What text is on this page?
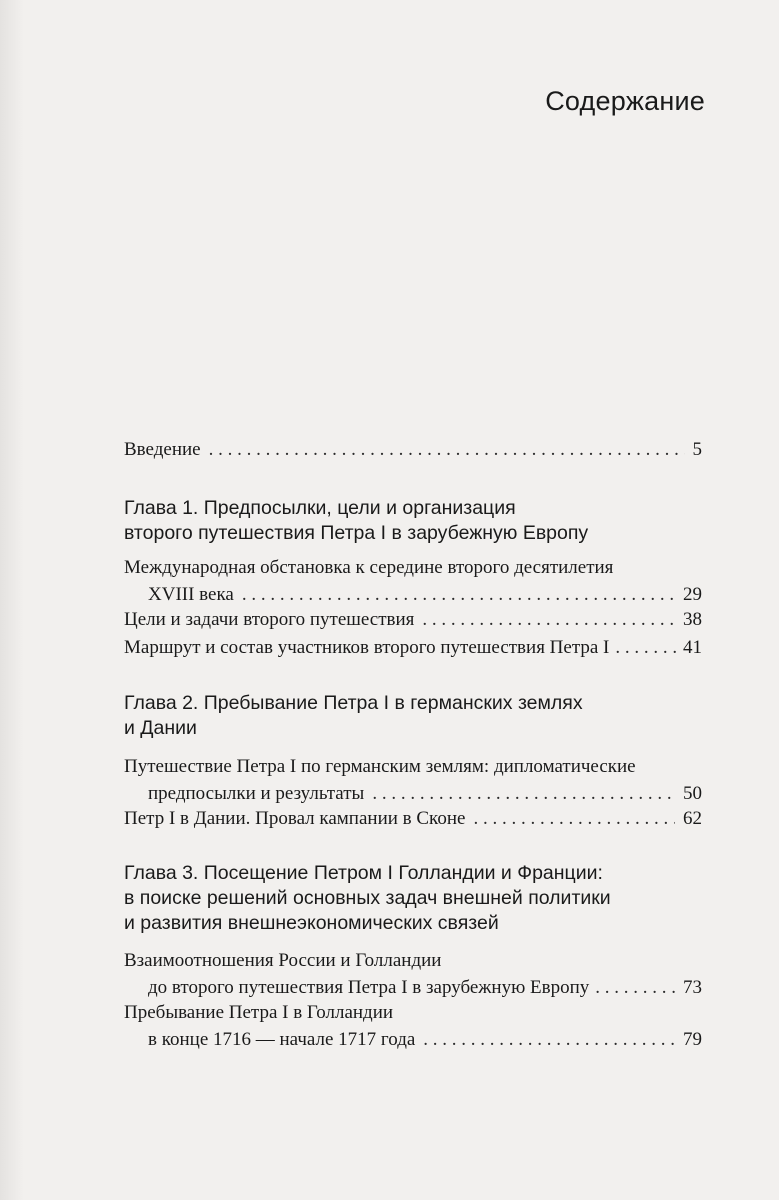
Содержание
Введение . . .	5
Глава 1. Предпосылки, цели и организация
второго путешествия Петра I в зарубежную Европу
Международная обстановка к середине второго десятилетия
XVIII века . . .	29
Цели и задачи второго путешествия . . .	38
Маршрут и состав участников второго путешествия Петра I . . .	41
Глава 2. Пребывание Петра I в германских землях
и Дании
Путешествие Петра I по германским землям: дипломатические
предпосылки и результаты . . .	50
Петр I в Дании. Провал кампании в Сконе . . .	62
Глава 3. Посещение Петром I Голландии и Франции:
в поиске решений основных задач внешней политики
и развития внешнеэкономических связей
Взаимоотношения России и Голландии
до второго путешествия Петра I в зарубежную Европу . . .	73
Пребывание Петра I в Голландии
в конце 1716 — начале 1717 года . . .	79
